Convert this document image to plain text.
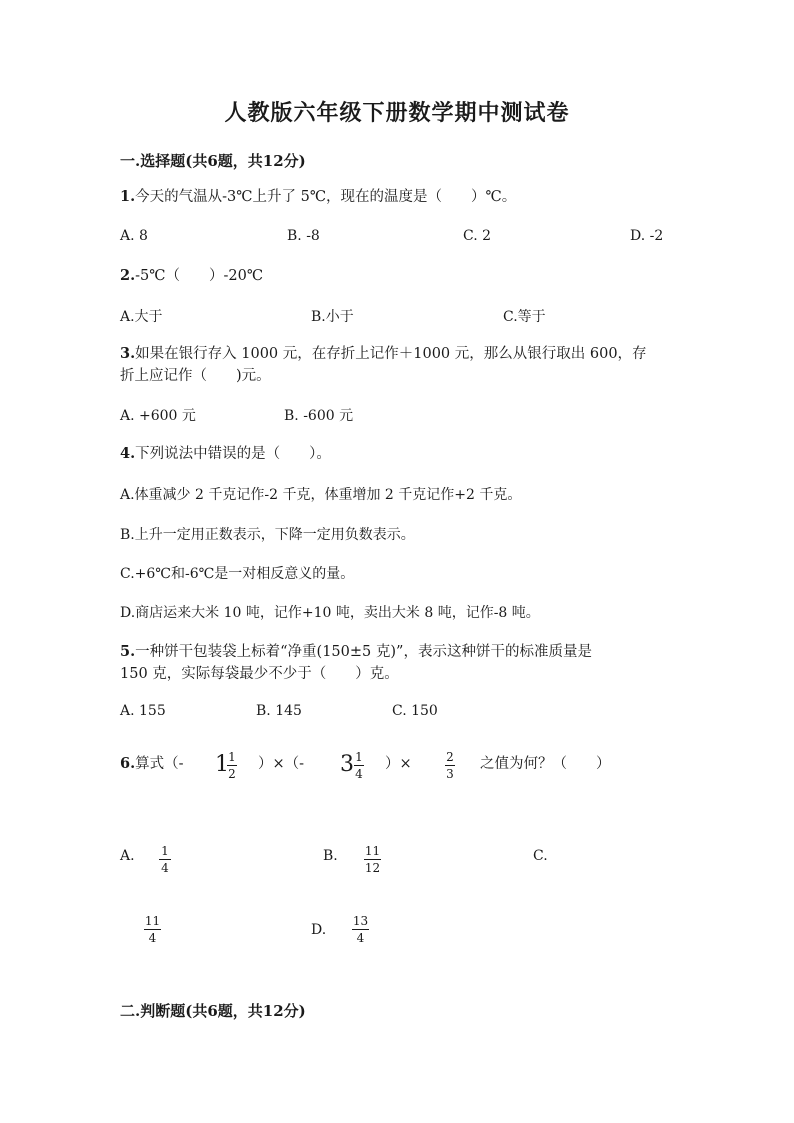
人教版六年级下册数学期中测试卷
一.选择题(共6题，共12分)
1.今天的气温从-3℃上升了 5℃，现在的温度是（　　）℃。
A. 8	B. -8	C. 2	D. -2
2.-5℃（　　）-20℃
A.大于	B.小于	C.等于
3.如果在银行存入 1000 元，在存折上记作＋1000 元，那么从银行取出 600，存
折上应记作（　　)元。
A. +600 元	B. -600 元
4.下列说法中错误的是（　　）。
A.体重减少 2 千克记作-2 千克，体重增加 2 千克记作+2 千克。
B.上升一定用正数表示，下降一定用负数表示。
C.+6℃和-6℃是一对相反意义的量。
D.商店运来大米 10 吨，记作+10 吨，卖出大米 8 吨，记作-8 吨。
5.一种饼干包装袋上标着“净重(150±5 克)”，表示这种饼干的标准质量是
150 克，实际每袋最少不少于（　　）克。
A. 155	B. 145	C. 150
6.算式（- 1 1
2
）×（- 3 1
4
）×	2
3
之值为何？（　　）
A. 1
4
B. 11
12
C.
11
4	D.
13
4
二.判断题(共6题，共12分)
